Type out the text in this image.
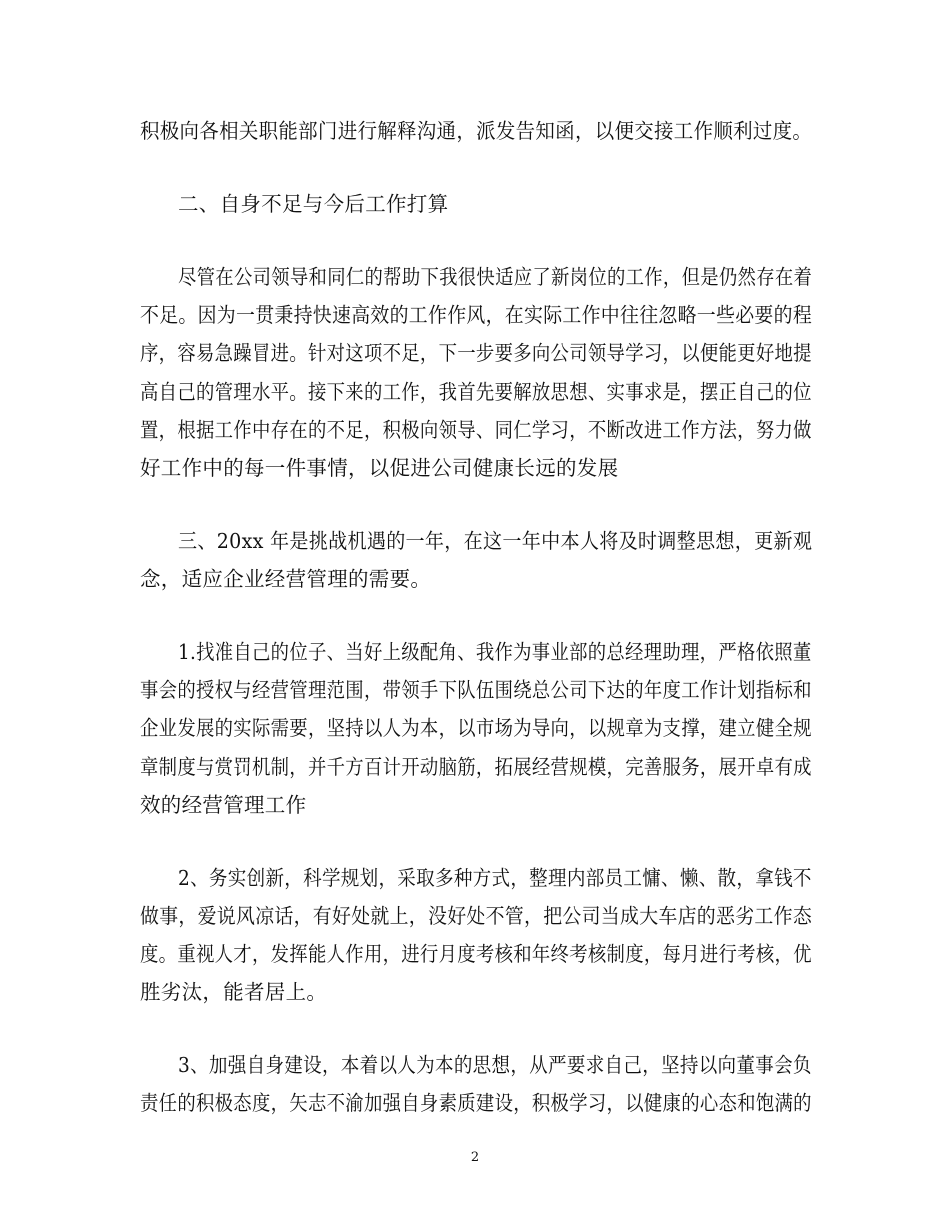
积极向各相关职能部门进行解释沟通，派发告知函，以便交接工作顺利过度。
二、自身不足与今后工作打算
尽管在公司领导和同仁的帮助下我很快适应了新岗位的工作，但是仍然存在着
不足。因为一贯秉持快速高效的工作作风，在实际工作中往往忽略一些必要的程
序，容易急躁冒进。针对这项不足，下一步要多向公司领导学习，以便能更好地提
高自己的管理水平。接下来的工作，我首先要解放思想、实事求是，摆正自己的位
置，根据工作中存在的不足，积极向领导、同仁学习，不断改进工作方法，努力做
好工作中的每一件事情，以促进公司健康长远的发展
三、20xx 年是挑战机遇的一年，在这一年中本人将及时调整思想，更新观
念，适应企业经营管理的需要。
1.找准自己的位子、当好上级配角、我作为事业部的总经理助理，严格依照董
事会的授权与经营管理范围，带领手下队伍围绕总公司下达的年度工作计划指标和
企业发展的实际需要，坚持以人为本，以市场为导向，以规章为支撑，建立健全规
章制度与赏罚机制，并千方百计开动脑筋，拓展经营规模，完善服务，展开卓有成
效的经营管理工作
2、务实创新，科学规划，采取多种方式，整理内部员工慵、懒、散，拿钱不
做事，爱说风凉话，有好处就上，没好处不管，把公司当成大车店的恶劣工作态
度。重视人才，发挥能人作用，进行月度考核和年终考核制度，每月进行考核，优
胜劣汰，能者居上。
3、加强自身建设，本着以人为本的思想，从严要求自己，坚持以向董事会负
责任的积极态度，矢志不渝加强自身素质建设，积极学习，以健康的心态和饱满的
2
